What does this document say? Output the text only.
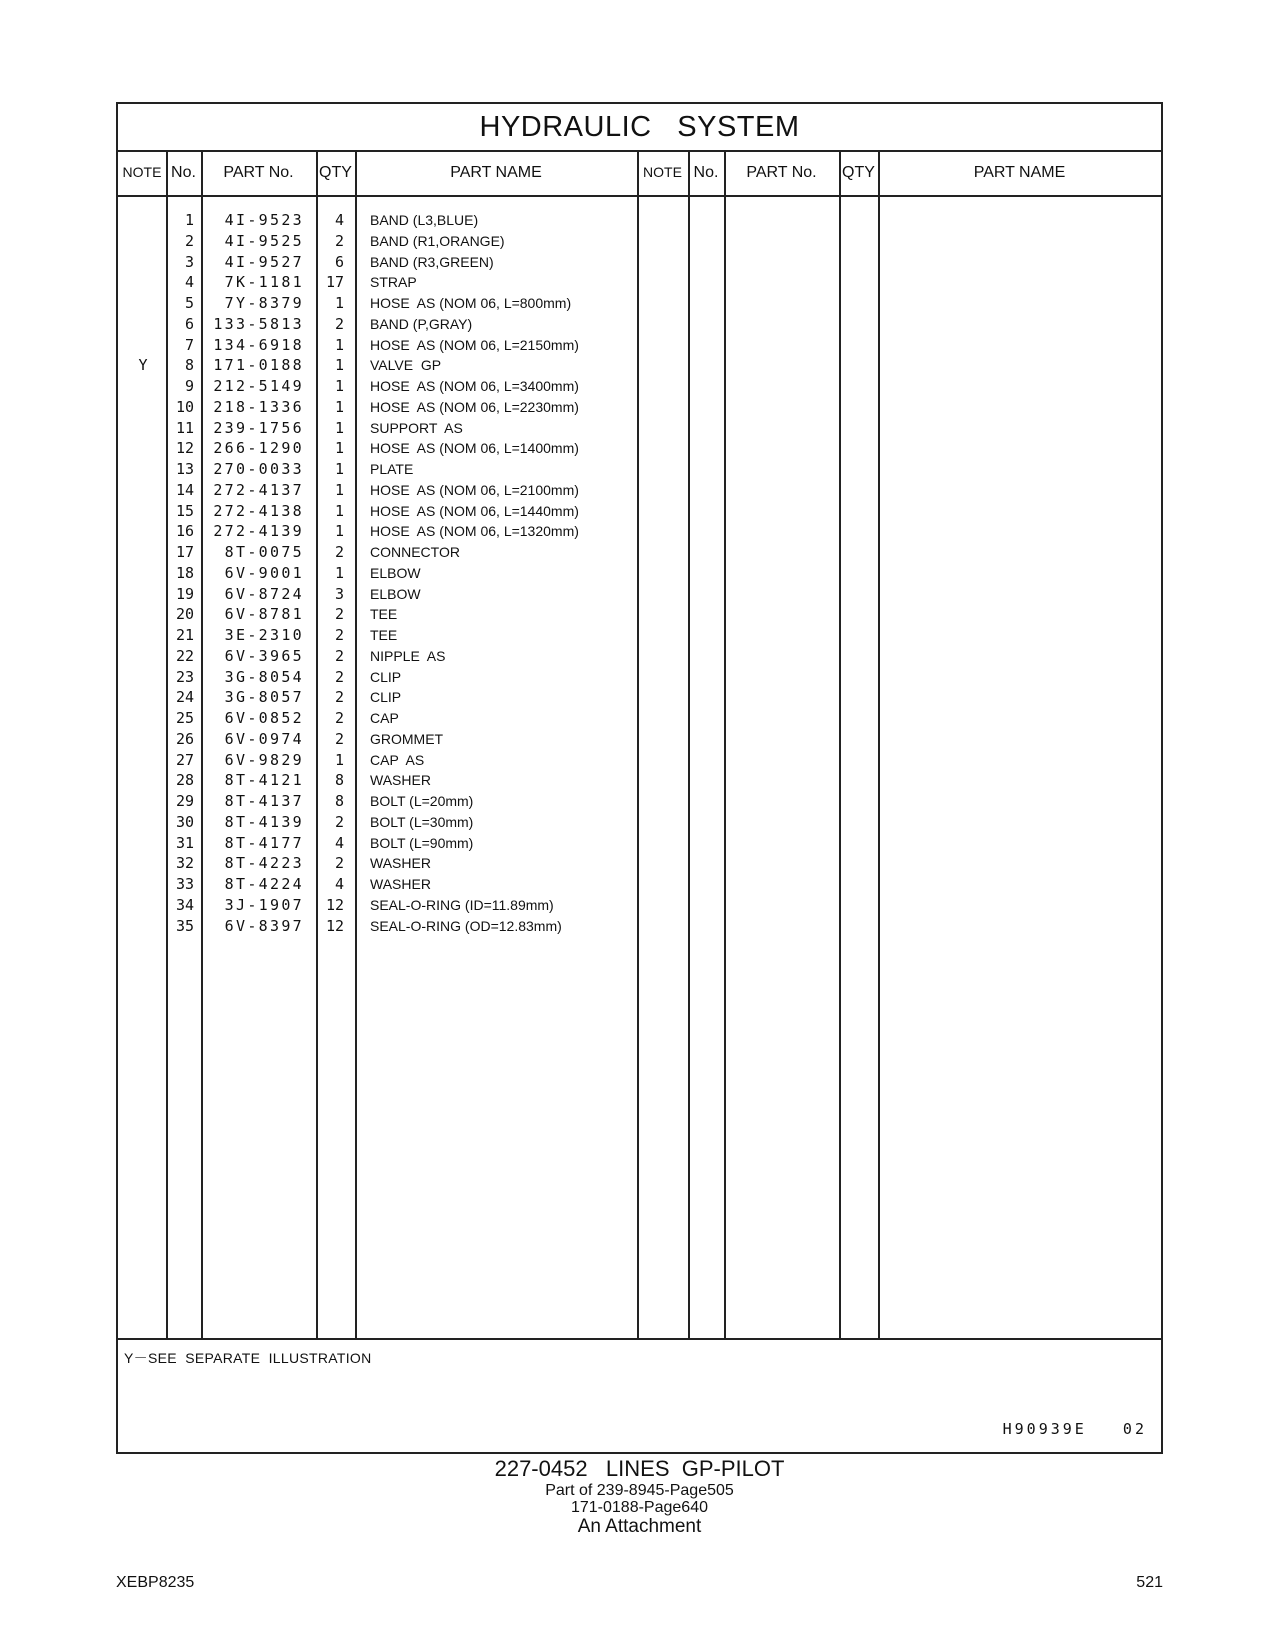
HYDRAULIC   SYSTEM
NOTE No.	PART No.	QTY	PART NAME	NOTE No.	PART No.	QTY	PART NAME
1	4I-9523	4 BAND (L3,BLUE)
2	4I-9525	2 BAND (R1,ORANGE)
3	4I-9527	6 BAND (R3,GREEN)
4	7K-1181	17 STRAP
5	7Y-8379	1 HOSE  AS (NOM 06, L=800mm)
6	133-5813	2 BAND (P,GRAY)
7	134-6918	1 HOSE  AS (NOM 06, L=2150mm)
Y	8	171-0188	1 VALVE  GP
9	212-5149	1 HOSE  AS (NOM 06, L=3400mm)
10	218-1336	1 HOSE  AS (NOM 06, L=2230mm)
11	239-1756	1 SUPPORT  AS
12	266-1290	1 HOSE  AS (NOM 06, L=1400mm)
13	270-0033	1 PLATE
14	272-4137	1 HOSE  AS (NOM 06, L=2100mm)
15	272-4138	1 HOSE  AS (NOM 06, L=1440mm)
16	272-4139	1 HOSE  AS (NOM 06, L=1320mm)
17	8T-0075	2 CONNECTOR
18	6V-9001	1 ELBOW
19	6V-8724	3 ELBOW
20	6V-8781	2 TEE
21	3E-2310	2 TEE
22	6V-3965	2 NIPPLE  AS
23	3G-8054	2 CLIP
24	3G-8057	2 CLIP
25	6V-0852	2 CAP
26	6V-0974	2 GROMMET
27	6V-9829	1 CAP  AS
28	8T-4121	8 WASHER
29	8T-4137	8 BOLT (L=20mm)
30	8T-4139	2 BOLT (L=30mm)
31	8T-4177	4 BOLT (L=90mm)
32	8T-4223	2 WASHER
33	8T-4224	4 WASHER
34	3J-1907	12 SEAL-O-RING (ID=11.89mm)
35	6V-8397	12 SEAL-O-RING (OD=12.83mm)
Y－SEE  SEPARATE  ILLUSTRATION
H90939E   02
227-0452   LINES  GP-PILOT
Part of 239-8945-Page505
171-0188-Page640
An Attachment
XEBP8235	521
